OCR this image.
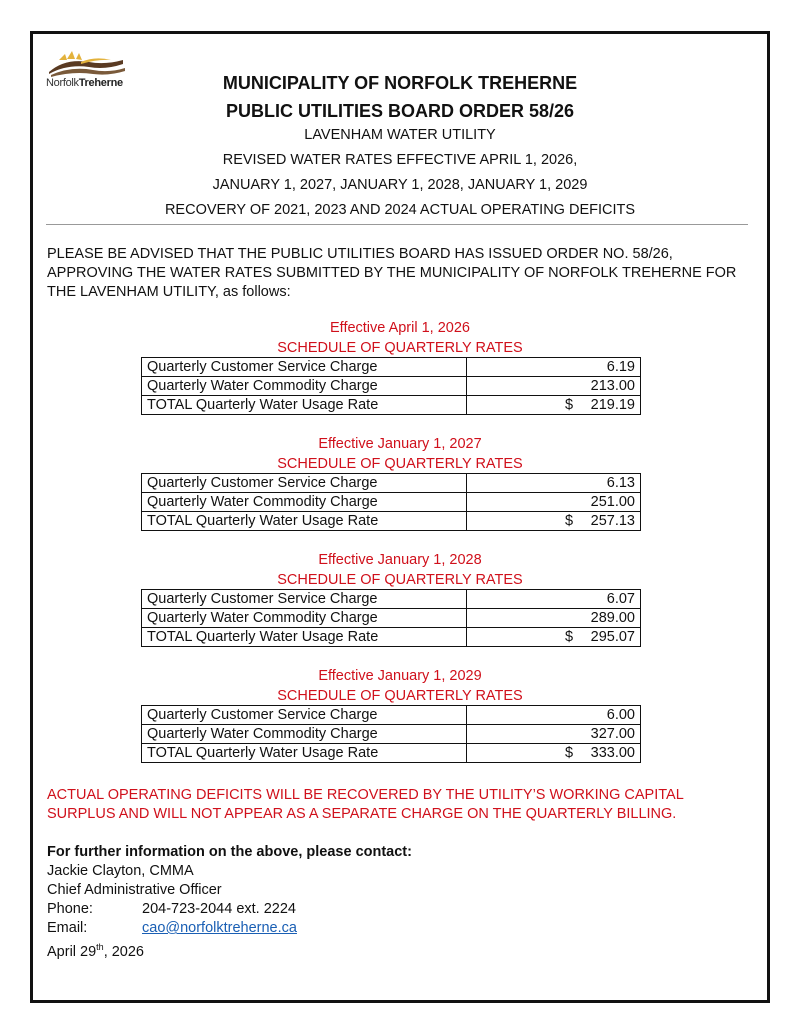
NorfolkTreherne	MUNICIPALITY OF NORFOLK TREHERNE
PUBLIC UTILITIES BOARD ORDER 58/26
LAVENHAM WATER UTILITY
REVISED WATER RATES EFFECTIVE APRIL 1, 2026,
JANUARY 1, 2027, JANUARY 1, 2028, JANUARY 1, 2029
RECOVERY OF 2021, 2023 AND 2024 ACTUAL OPERATING DEFICITS
PLEASE BE ADVISED THAT THE PUBLIC UTILITIES BOARD HAS ISSUED ORDER NO. 58/26,
APPROVING THE WATER RATES SUBMITTED BY THE MUNICIPALITY OF NORFOLK TREHERNE FOR
THE LAVENHAM UTILITY, as follows:
Effective April 1, 2026
SCHEDULE OF QUARTERLY RATES
Quarterly Customer Service Charge	6.19
Quarterly Water Commodity Charge	213.00
TOTAL Quarterly Water Usage Rate	$ 219.19
Effective January 1, 2027
SCHEDULE OF QUARTERLY RATES
Quarterly Customer Service Charge	6.13
Quarterly Water Commodity Charge	251.00
TOTAL Quarterly Water Usage Rate	$ 257.13
Effective January 1, 2028
SCHEDULE OF QUARTERLY RATES
Quarterly Customer Service Charge	6.07
Quarterly Water Commodity Charge	289.00
TOTAL Quarterly Water Usage Rate	$ 295.07
Effective January 1, 2029
SCHEDULE OF QUARTERLY RATES
Quarterly Customer Service Charge	6.00
Quarterly Water Commodity Charge	327.00
TOTAL Quarterly Water Usage Rate	$ 333.00
ACTUAL OPERATING DEFICITS WILL BE RECOVERED BY THE UTILITY’S WORKING CAPITAL
SURPLUS AND WILL NOT APPEAR AS A SEPARATE CHARGE ON THE QUARTERLY BILLING.
For further information on the above, please contact:
Jackie Clayton, CMMA
Chief Administrative Officer
Phone:	204-723-2044 ext. 2224
Email:	cao@norfolktreherne.ca
April 29th, 2026
